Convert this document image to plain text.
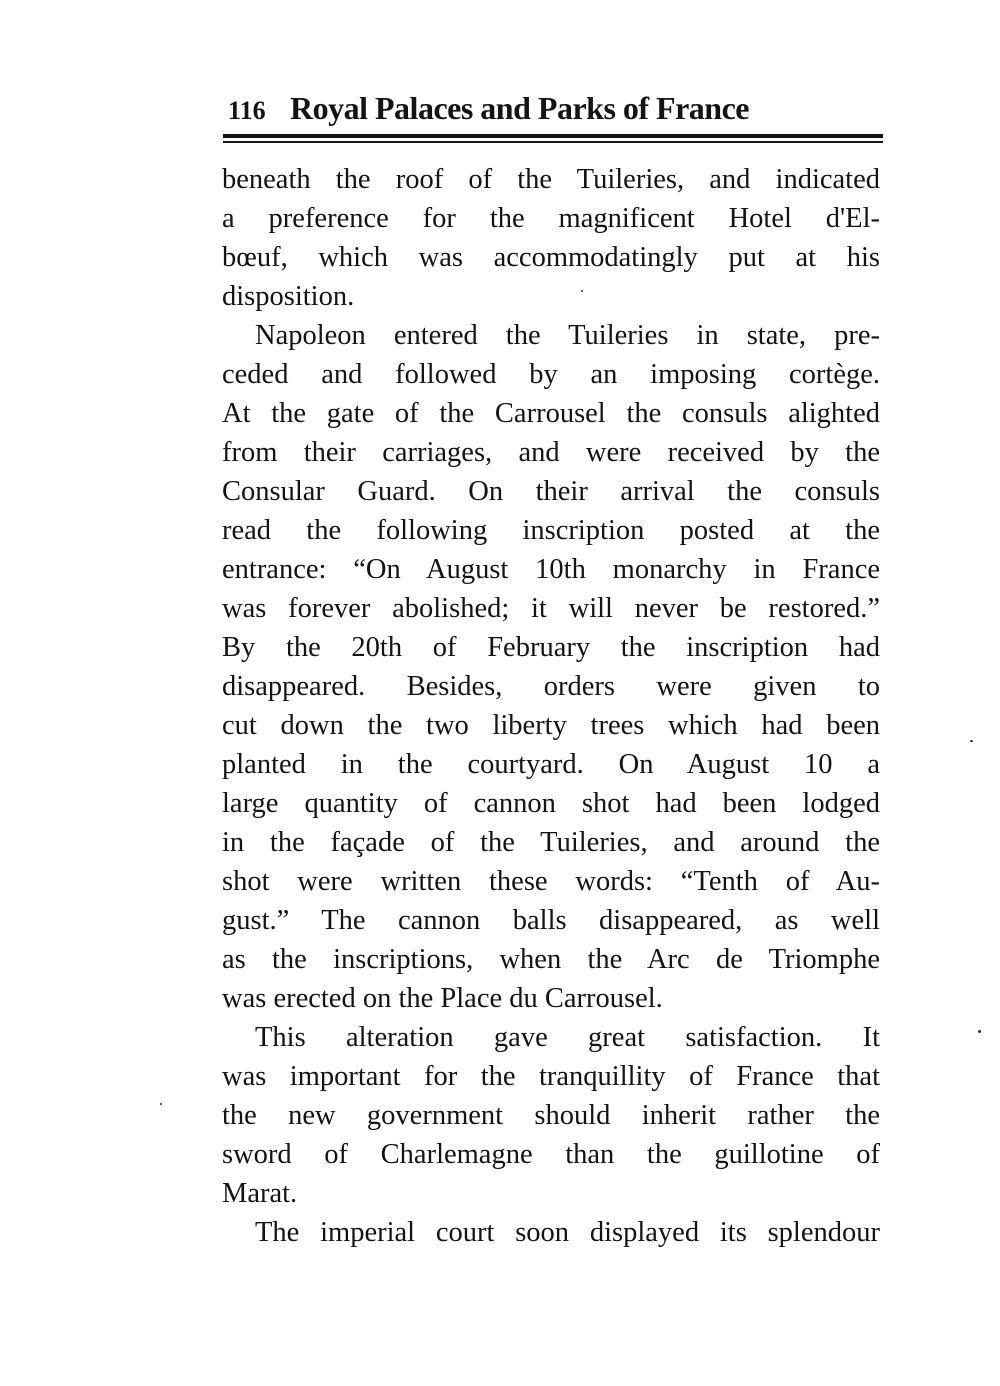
116 Royal Palaces and Parks of France
beneath the roof of the Tuileries, and indicated
a preference for the magnificent Hotel d'El-
bœuf, which was accommodatingly put at his
disposition.
Napoleon entered the Tuileries in state, pre-
ceded and followed by an imposing cortège.
At the gate of the Carrousel the consuls alighted
from their carriages, and were received by the
Consular Guard. On their arrival the consuls
read the following inscription posted at the
entrance: “On August 10th monarchy in France
was forever abolished; it will never be restored.”
By the 20th of February the inscription had
disappeared. Besides, orders were given to
cut down the two liberty trees which had been
planted in the courtyard. On August 10 a
large quantity of cannon shot had been lodged
in the façade of the Tuileries, and around the
shot were written these words: “Tenth of Au-
gust.” The cannon balls disappeared, as well
as the inscriptions, when the Arc de Triomphe
was erected on the Place du Carrousel.
This alteration gave great satisfaction. It
was important for the tranquillity of France that
the new government should inherit rather the
sword of Charlemagne than the guillotine of
Marat.
The imperial court soon displayed its splendour
